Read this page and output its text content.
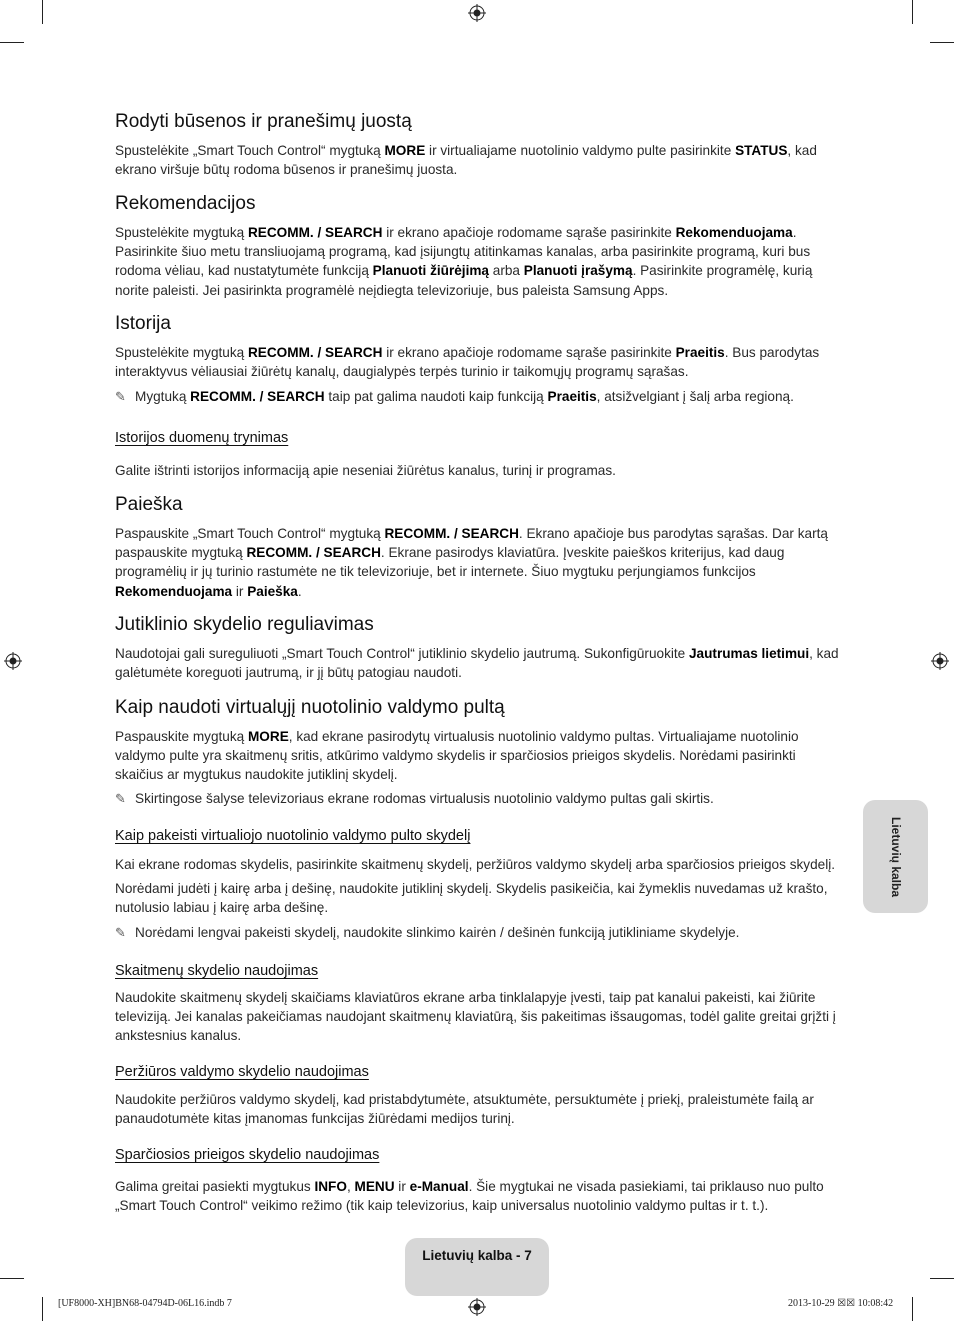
Rodyti būsenos ir pranešimų juostą

Spustelėkite „Smart Touch Control“ mygtuką MORE ir virtualiajame nuotolinio valdymo pulte pasirinkite STATUS, kad ekrano viršuje būtų rodoma būsenos ir pranešimų juosta.

Rekomendacijos

Spustelėkite mygtuką RECOMM. / SEARCH ir ekrano apačioje rodomame sąraše pasirinkite Rekomenduojama. Pasirinkite šiuo metu transliuojamą programą, kad įsijungtų atitinkamas kanalas, arba pasirinkite programą, kuri bus rodoma vėliau, kad nustatytumėte funkciją Planuoti žiūrėjimą arba Planuoti įrašymą. Pasirinkite programėlę, kurią norite paleisti. Jei pasirinkta programėlė neįdiegta televizoriuje, bus paleista Samsung Apps.

Istorija

Spustelėkite mygtuką RECOMM. / SEARCH ir ekrano apačioje rodomame sąraše pasirinkite Praeitis. Bus parodytas interaktyvus vėliausiai žiūrėtų kanalų, daugialypės terpės turinio ir taikomųjų programų sąrašas.

✎ Mygtuką RECOMM. / SEARCH taip pat galima naudoti kaip funkciją Praeitis, atsižvelgiant į šalį arba regioną.

Istorijos duomenų trynimas

Galite ištrinti istorijos informaciją apie neseniai žiūrėtus kanalus, turinį ir programas.

Paieška

Paspauskite „Smart Touch Control“ mygtuką RECOMM. / SEARCH. Ekrano apačioje bus parodytas sąrašas. Dar kartą paspauskite mygtuką RECOMM. / SEARCH. Ekrane pasirodys klaviatūra. Įveskite paieškos kriterijus, kad daug programėlių ir jų turinio rastumėte ne tik televizoriuje, bet ir internete. Šiuo mygtuku perjungiamos funkcijos Rekomenduojama ir Paieška.

Jutiklinio skydelio reguliavimas

Naudotojai gali sureguliuoti „Smart Touch Control“ jutiklinio skydelio jautrumą. Sukonfigūruokite Jautrumas lietimui, kad galėtumėte koreguoti jautrumą, ir jį būtų patogiau naudoti.

Kaip naudoti virtualųjį nuotolinio valdymo pultą

Paspauskite mygtuką MORE, kad ekrane pasirodytų virtualusis nuotolinio valdymo pultas. Virtualiajame nuotolinio valdymo pulte yra skaitmenų sritis, atkūrimo valdymo skydelis ir sparčiosios prieigos skydelis. Norėdami pasirinkti skaičius ar mygtukus naudokite jutiklinį skydelį.

✎ Skirtingose šalyse televizoriaus ekrane rodomas virtualusis nuotolinio valdymo pultas gali skirtis.

Kaip pakeisti virtualiojo nuotolinio valdymo pulto skydelį

Kai ekrane rodomas skydelis, pasirinkite skaitmenų skydelį, peržiūros valdymo skydelį arba sparčiosios prieigos skydelį.

Norėdami judėti į kairę arba į dešinę, naudokite jutiklinį skydelį. Skydelis pasikeičia, kai žymeklis nuvedamas už krašto, nutolusio labiau į kairę arba dešinę.

✎ Norėdami lengvai pakeisti skydelį, naudokite slinkimo kairėn / dešinėn funkciją jutikliniame skydelyje.

Skaitmenų skydelio naudojimas

Naudokite skaitmenų skydelį skaičiams klaviatūros ekrane arba tinklalapyje įvesti, taip pat kanalui pakeisti, kai žiūrite televiziją. Jei kanalas pakeičiamas naudojant skaitmenų klaviatūrą, šis pakeitimas išsaugomas, todėl galite greitai grįžti į ankstesnius kanalus.

Peržiūros valdymo skydelio naudojimas

Naudokite peržiūros valdymo skydelį, kad pristabdytumėte, atsuktumėte, persuktumėte į priekį, praleistumėte failą ar panaudotumėte kitas įmanomas funkcijas žiūrėdami medijos turinį.

Sparčiosios prieigos skydelio naudojimas

Galima greitai pasiekti mygtukus INFO, MENU ir e-Manual. Šie mygtukai ne visada pasiekiami, tai priklauso nuo pulto „Smart Touch Control“ veikimo režimo (tik kaip televizorius, kaip universalus nuotolinio valdymo pultas ir t. t.).

Lietuvių kalba
Lietuvių kalba - 7
[UF8000-XH]BN68-04794D-06L16.indb 7	2013-10-29 ☒☒ 10:08:42
